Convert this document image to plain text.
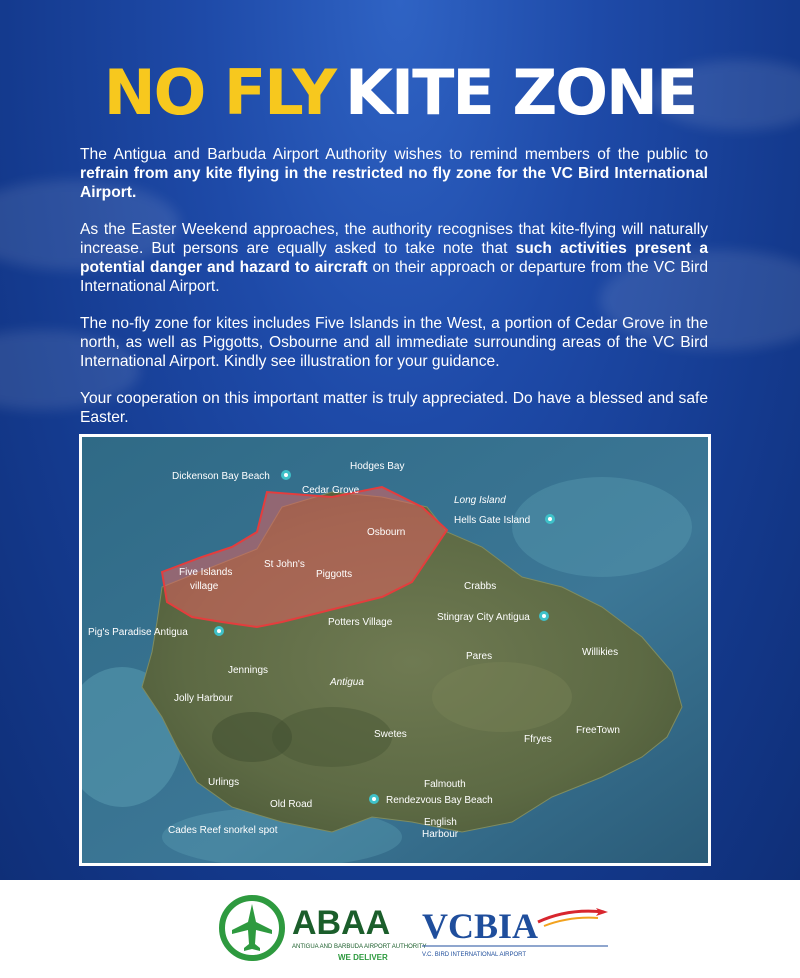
NO FLY KITE ZONE

The Antigua and Barbuda Airport Authority wishes to remind members of the public to refrain from any kite flying in the restricted no fly zone for the VC Bird International Airport.

As the Easter Weekend approaches, the authority recognises that kite-flying will naturally increase. But persons are equally asked to take note that such activities present a potential danger and hazard to aircraft on their approach or departure from the VC Bird International Airport.

The no-fly zone for kites includes Five Islands in the West, a portion of Cedar Grove in the north, as well as Piggotts, Osbourne and all immediate surrounding areas of the VC Bird International Airport. Kindly see illustration for your guidance.

Your cooperation on this important matter is truly appreciated. Do have a blessed and safe Easter.

Dickenson Bay Beach
Hodges Bay
Cedar Grove
Long Island
Hells Gate Island
Osbourn
St John's
Piggotts
Five Islands
village	Crabbs
Pig's Paradise Antigua
Potters Village	Stingray City Antigua
Pares	Willikies
Jennings
Antigua
Jolly Harbour
Swetes	Ffryes
FreeTown
Urlings	Falmouth
Old Road	Rendezvous Bay Beach
Cades Reef snorkel spot
English
Harbour
ABAA
ANTIGUA AND BARBUDA AIRPORT AUTHORITY
WE DELIVER
VCBIA
V.C. BIRD INTERNATIONAL AIRPORT
